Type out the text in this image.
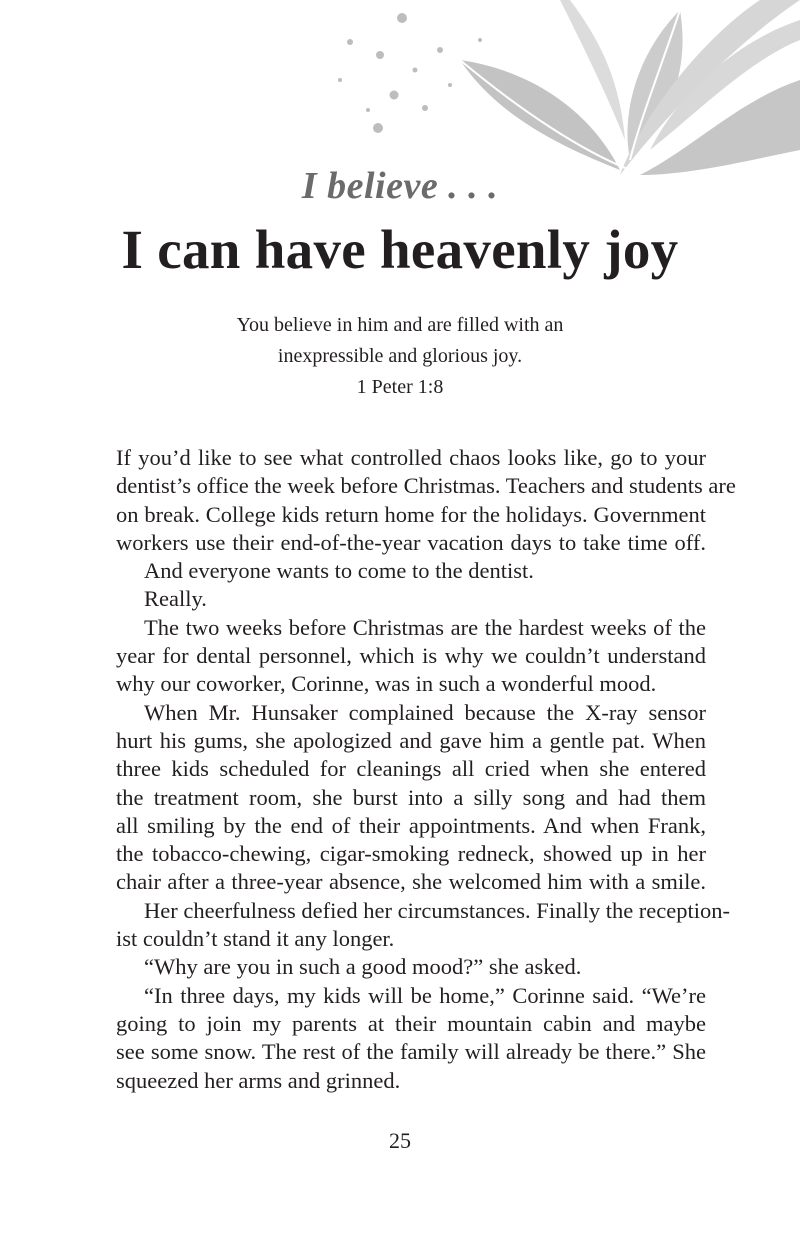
I believe . . .
I can have heavenly joy
You believe in him and are filled with an
inexpressible and glorious joy.
1 Peter 1:8
If you’d like to see what controlled chaos looks like, go to your
dentist’s office the week before Christmas. Teachers and students are
on break. College kids return home for the holidays. Government
workers use their end-of-the-year vacation days to take time off.
And everyone wants to come to the dentist.
Really.
The two weeks before Christmas are the hardest weeks of the
year for dental personnel, which is why we couldn’t understand
why our coworker, Corinne, was in such a wonderful mood.
When Mr. Hunsaker complained because the X-ray sensor
hurt his gums, she apologized and gave him a gentle pat. When
three kids scheduled for cleanings all cried when she entered
the treatment room, she burst into a silly song and had them
all smiling by the end of their appointments. And when Frank,
the tobacco-chewing, cigar-smoking redneck, showed up in her
chair after a three-year absence, she welcomed him with a smile.
Her cheerfulness defied her circumstances. Finally the reception-
ist couldn’t stand it any longer.
“Why are you in such a good mood?” she asked.
“In three days, my kids will be home,” Corinne said. “We’re
going to join my parents at their mountain cabin and maybe
see some snow. The rest of the family will already be there.” She
squeezed her arms and grinned.
25
